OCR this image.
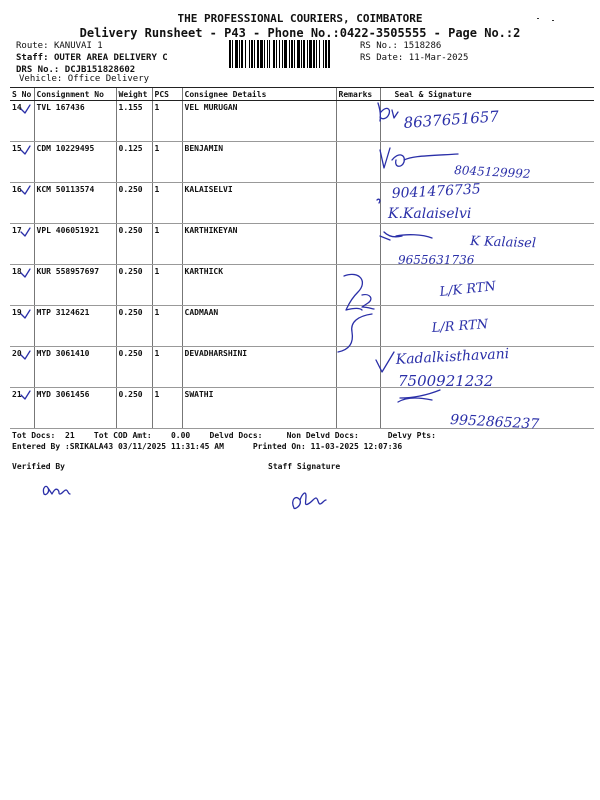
THE PROFESSIONAL COURIERS, COIMBATORE
Delivery Runsheet - P43 - Phone No.:0422-3505555 - Page No.:2
Route: KANUVAI 1
Staff: OUTER AREA DELIVERY C
DRS No.: DCJB151828602
Vehicle: Office Delivery
RS No.: 1518286
RS Date: 11-Mar-2025
S No	Consignment No	Weight	PCS	Consignee Details	Remarks	Seal & Signature
14	TVL 167436	1.155	1	VEL MURUGAN		
15	CDM 10229495	0.125	1	BENJAMIN		
16	KCM 50113574	0.250	1	KALAISELVI		
17	VPL 406051921	0.250	1	KARTHIKEYAN		
18	KUR 558957697	0.250	1	KARTHICK		
19	MTP 3124621	0.250	1	CADMAAN		
20	MYD 3061410	0.250	1	DEVADHARSHINI		
21	MYD 3061456	0.250	1	SWATHI		
Tot Docs: 21 Tot COD Amt: 0.00 Delvd Docs:	Non Delvd Docs:	Delvy Pts:
Entered By :SRIKALA43 03/11/2025 11:31:45 AM	Printed On: 11-03-2025 12:07:36
Verified By	Staff Signature
8637651657
8045129992
9041476735
K.Kalaiselvi
K Kalaisel
9655631736
L/K RTN
L/R RTN
Kadalkisthavani
7500921232
9952865237
